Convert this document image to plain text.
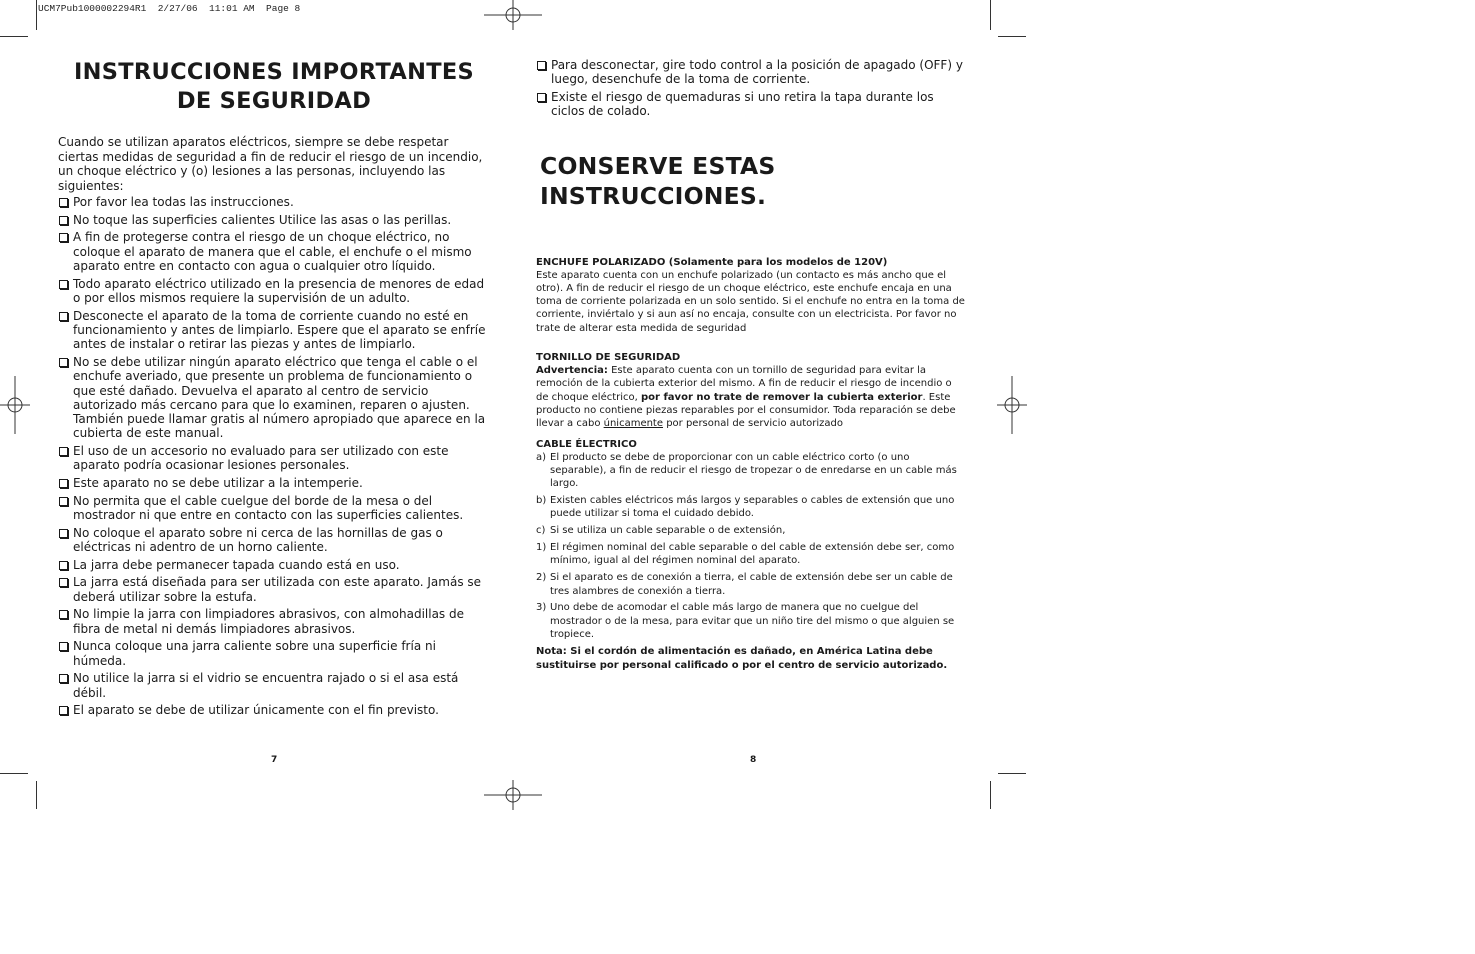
UCM7Pub1000002294R1  2/27/06  11:01 AM  Page 8
INSTRUCCIONES IMPORTANTES
DE SEGURIDAD

Cuando se utilizan aparatos eléctricos, siempre se debe respetar ciertas medidas de seguridad a fin de reducir el riesgo de un incendio, un choque eléctrico y (o) lesiones a las personas, incluyendo las siguientes:

Por favor lea todas las instrucciones.
No toque las superficies calientes Utilice las asas o las perillas.
A fin de protegerse contra el riesgo de un choque eléctrico, no coloque el aparato de manera que el cable, el enchufe o el mismo aparato entre en contacto con agua o cualquier otro líquido.
Todo aparato eléctrico utilizado en la presencia de menores de edad o por ellos mismos requiere la supervisión de un adulto.
Desconecte el aparato de la toma de corriente cuando no esté en funcionamiento y antes de limpiarlo. Espere que el aparato se enfríe antes de instalar o retirar las piezas y antes de limpiarlo.
No se debe utilizar ningún aparato eléctrico que tenga el cable o el enchufe averiado, que presente un problema de funcionamiento o que esté dañado. Devuelva el aparato al centro de servicio autorizado más cercano para que lo examinen, reparen o ajusten. También puede llamar gratis al número apropiado que aparece en la cubierta de este manual.
El uso de un accesorio no evaluado para ser utilizado con este aparato podría ocasionar lesiones personales.
Este aparato no se debe utilizar a la intemperie.
No permita que el cable cuelgue del borde de la mesa o del mostrador ni que entre en contacto con las superficies calientes.
No coloque el aparato sobre ni cerca de las hornillas de gas o eléctricas ni adentro de un horno caliente.
La jarra debe permanecer tapada cuando está en uso.
La jarra está diseñada para ser utilizada con este aparato. Jamás se deberá utilizar sobre la estufa.
No limpie la jarra con limpiadores abrasivos, con almohadillas de fibra de metal ni demás limpiadores abrasivos.
Nunca coloque una jarra caliente sobre una superficie fría ni húmeda.
No utilice la jarra si el vidrio se encuentra rajado o si el asa está débil.
El aparato se debe de utilizar únicamente con el fin previsto.
7
Para desconectar, gire todo control a la posición de apagado (OFF) y luego, desenchufe de la toma de corriente.
Existe el riesgo de quemaduras si uno retira la tapa durante los ciclos de colado.
CONSERVE ESTAS INSTRUCCIONES.

ENCHUFE POLARIZADO (Solamente para los modelos de 120V)

Este aparato cuenta con un enchufe polarizado (un contacto es más ancho que el otro). A fin de reducir el riesgo de un choque eléctrico, este enchufe encaja en una toma de corriente polarizada en un solo sentido. Si el enchufe no entra en la toma de corriente, inviértalo y si aun así no encaja, consulte con un electricista. Por favor no trate de alterar esta medida de seguridad

TORNILLO DE SEGURIDAD

Advertencia: Este aparato cuenta con un tornillo de seguridad para evitar la remoción de la cubierta exterior del mismo. A fin de reducir el riesgo de incendio o de choque eléctrico, por favor no trate de remover la cubierta exterior. Este producto no contiene piezas reparables por el consumidor. Toda reparación se debe llevar a cabo únicamente por personal de servicio autorizado

CABLE ÉLECTRICO

a) El producto se debe de proporcionar con un cable eléctrico corto (o uno separable), a fin de reducir el riesgo de tropezar o de enredarse en un cable más largo.
b) Existen cables eléctricos más largos y separables o cables de extensión que uno puede utilizar si toma el cuidado debido.
c) Si se utiliza un cable separable o de extensión,
1) El régimen nominal del cable separable o del cable de extensión debe ser, como mínimo, igual al del régimen nominal del aparato.
2) Si el aparato es de conexión a tierra, el cable de extensión debe ser un cable de tres alambres de conexión a tierra.
3) Uno debe de acomodar el cable más largo de manera que no cuelgue del mostrador o de la mesa, para evitar que un niño tire del mismo o que alguien se tropiece.

Nota: Si el cordón de alimentación es dañado, en América Latina debe sustituirse por personal calificado o por el centro de servicio autorizado.

8
